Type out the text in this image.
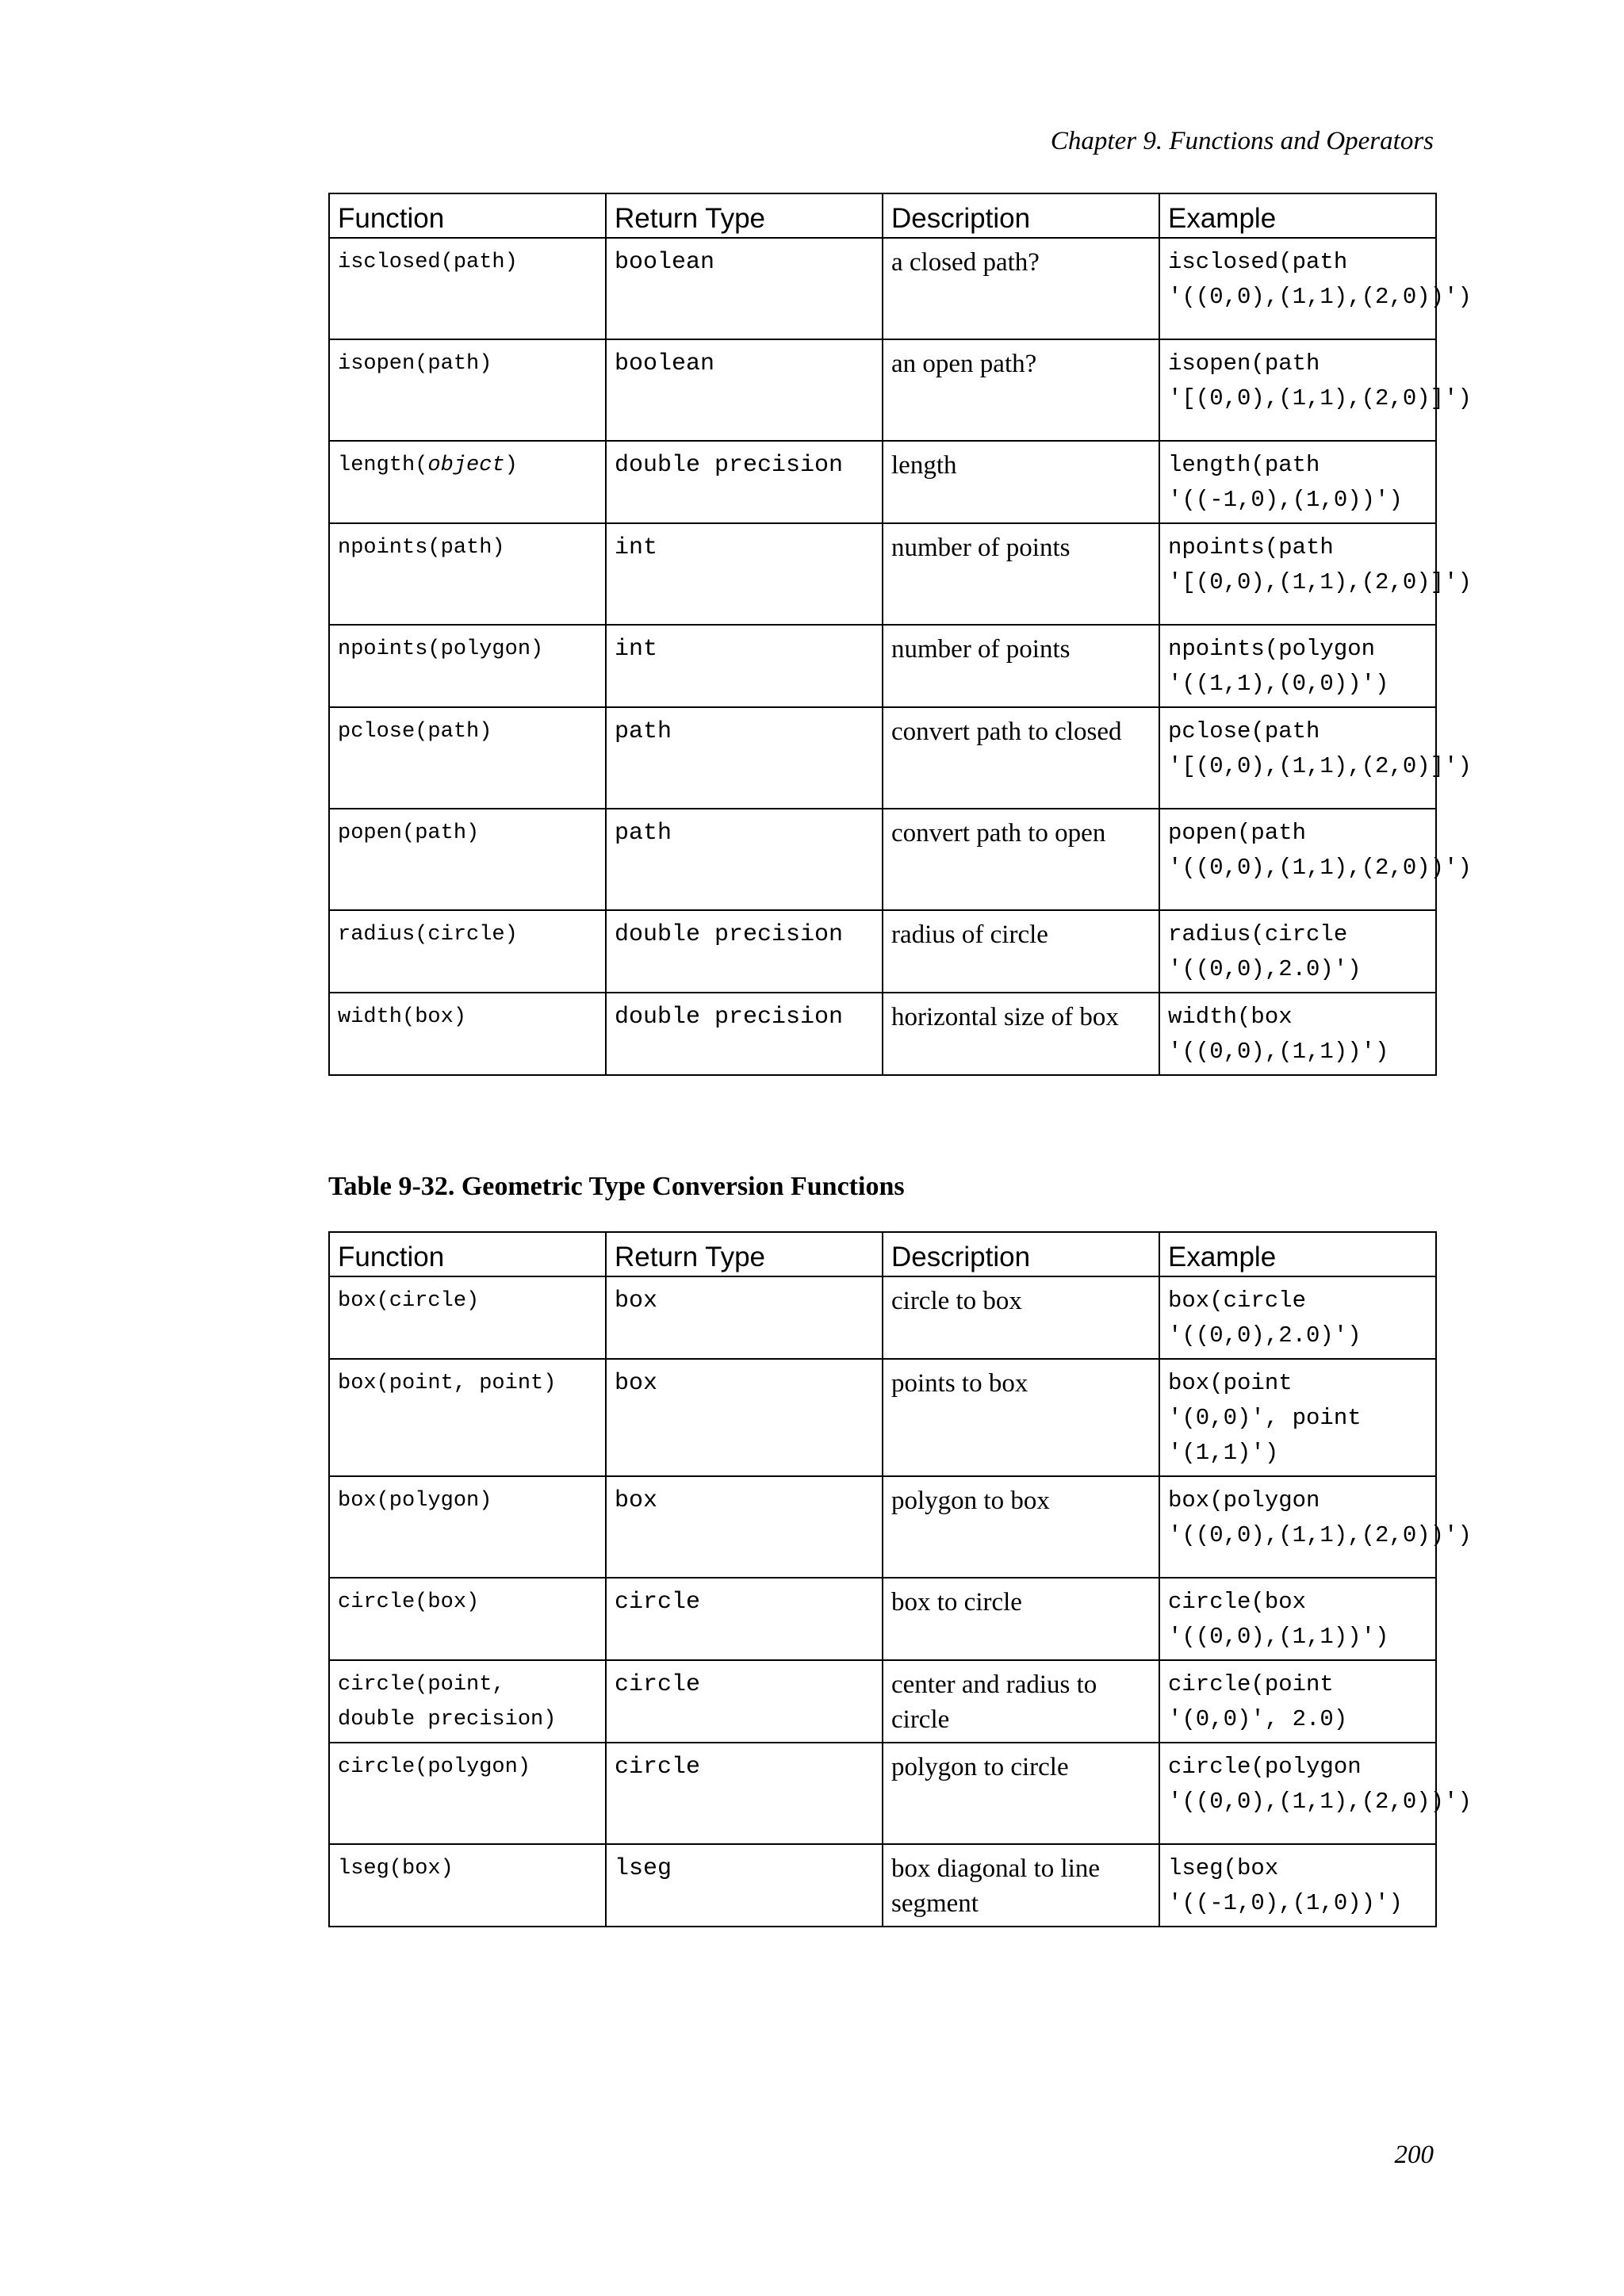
Chapter 9. Functions and Operators
Function	Return Type	Description	Example
isclosed(path)	boolean	a closed path?	isclosed(path
'((0,0),(1,1),(2,0))')
isopen(path)	boolean	an open path?	isopen(path
'[(0,0),(1,1),(2,0)]')
length(object)	double precision	length	length(path
'((-1,0),(1,0))')
npoints(path)	int	number of points	npoints(path
'[(0,0),(1,1),(2,0)]')
npoints(polygon)	int	number of points	npoints(polygon
'((1,1),(0,0))')
pclose(path)	path	convert path to closed	pclose(path
'[(0,0),(1,1),(2,0)]')
popen(path)	path	convert path to open	popen(path
'((0,0),(1,1),(2,0))')
radius(circle)	double precision	radius of circle	radius(circle
'((0,0),2.0)')
width(box)	double precision	horizontal size of box	width(box
'((0,0),(1,1))')
Table 9-32. Geometric Type Conversion Functions
Function	Return Type	Description	Example
box(circle)	box	circle to box	box(circle
'((0,0),2.0)')
box(point, point)	box	points to box	box(point
'(0,0)', point
'(1,1)')
box(polygon)	box	polygon to box	box(polygon
'((0,0),(1,1),(2,0))')
circle(box)	circle	box to circle	circle(box
'((0,0),(1,1))')
circle(point,
double precision)	circle	center and radius to circle	circle(point
'(0,0)', 2.0)
circle(polygon)	circle	polygon to circle	circle(polygon
'((0,0),(1,1),(2,0))')
lseg(box)	lseg	box diagonal to line segment	lseg(box
'((-1,0),(1,0))')
200
